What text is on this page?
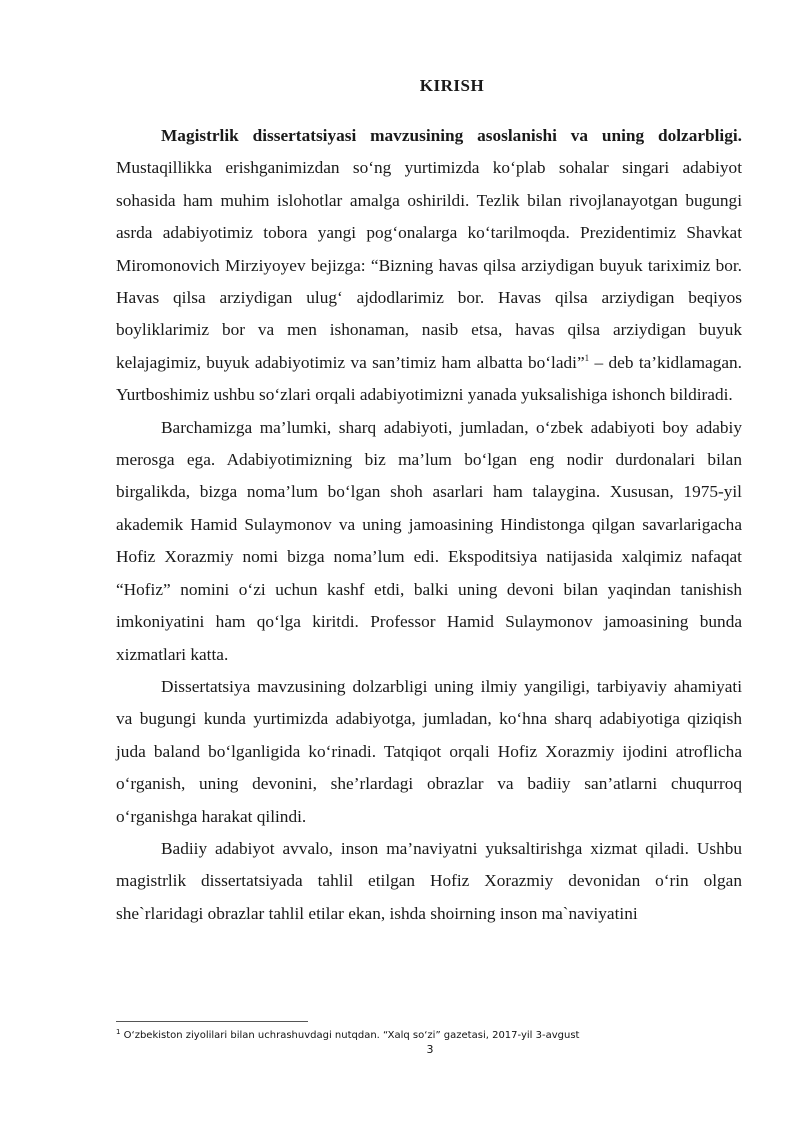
KIRISH

Magistrlik dissertatsiyasi mavzusining asoslanishi va uning dolzarbligi. Mustaqillikka erishganimizdan so‘ng yurtimizda ko‘plab sohalar singari adabiyot sohasida ham muhim islohotlar amalga oshirildi. Tezlik bilan rivojlanayotgan bugungi asrda adabiyotimiz tobora yangi pog‘onalarga ko‘tarilmoqda. Prezidentimiz Shavkat Miromonovich Mirziyoyev bejizga: “Bizning havas qilsa arziydigan buyuk tariximiz bor. Havas qilsa arziydigan ulug‘ ajdodlarimiz bor. Havas qilsa arziydigan beqiyos boyliklarimiz bor va men ishonaman, nasib etsa, havas qilsa arziydigan buyuk kelajagimiz, buyuk adabiyotimiz va san’timiz ham albatta bo‘ladi”$^1$ – deb ta’kidlamagan. Yurtboshimiz ushbu so‘zlari orqali adabiyotimizni yanada yuksalishiga ishonch bildiradi.

Barchamizga ma’lumki, sharq adabiyoti, jumladan, o‘zbek adabiyoti boy adabiy merosga ega. Adabiyotimizning biz ma’lum bo‘lgan eng nodir durdonalari bilan birgalikda, bizga noma’lum bo‘lgan shoh asarlari ham talaygina. Xususan, 1975-yil akademik Hamid Sulaymonov va uning jamoasining Hindistonga qilgan savarlarigacha Hofiz Xorazmiy nomi bizga noma’lum edi. Ekspoditsiya natijasida xalqimiz nafaqat “Hofiz” nomini o‘zi uchun kashf etdi, balki uning devoni bilan yaqindan tanishish imkoniyatini ham qo‘lga kiritdi. Professor Hamid Sulaymonov jamoasining bunda xizmatlari katta.

Dissertatsiya mavzusining dolzarbligi uning ilmiy yangiligi, tarbiyaviy ahamiyati va bugungi kunda yurtimizda adabiyotga, jumladan, ko‘hna sharq adabiyotiga qiziqish juda baland bo‘lganligida ko‘rinadi. Tatqiqot orqali Hofiz Xorazmiy ijodini atroflicha o‘rganish, uning devonini, she’rlardagi obrazlar va badiiy san’atlarni chuqurroq o‘rganishga harakat qilindi.

Badiiy adabiyot avvalo, inson ma’naviyatni yuksaltirishga xizmat qiladi. Ushbu magistrlik dissertatsiyada tahlil etilgan Hofiz Xorazmiy devonidan o‘rin olgan she`rlaridagi obrazlar tahlil etilar ekan, ishda shoirning inson ma`naviyatini

$^1$ O‘zbekiston ziyolilari bilan uchrashuvdagi nutqdan. “Xalq so‘zi” gazetasi, 2017-yil 3-avgust
3
